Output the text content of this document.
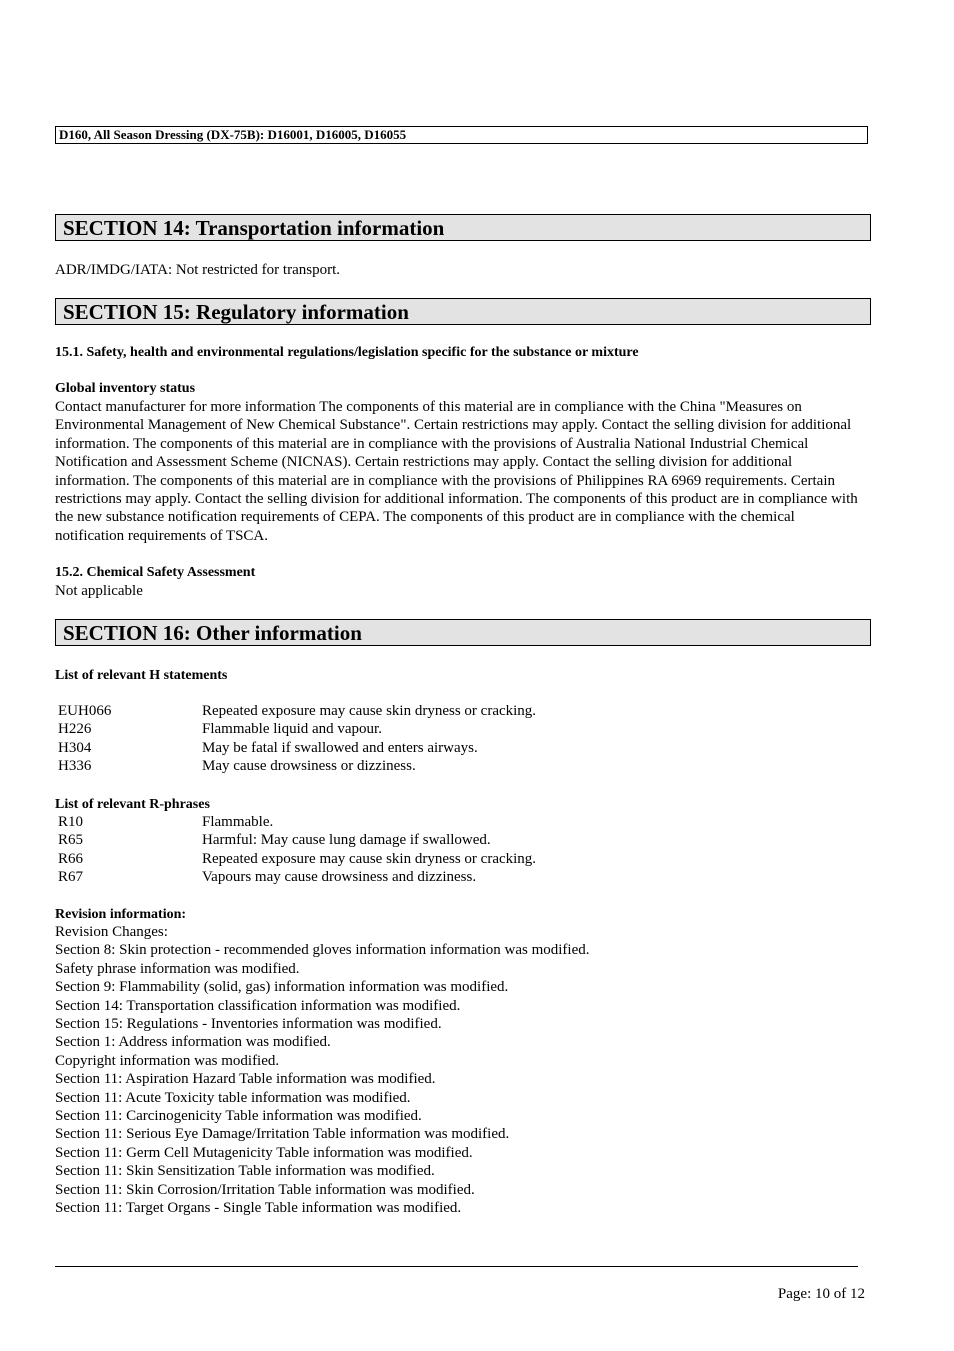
D160, All Season Dressing (DX-75B): D16001, D16005, D16055
SECTION 14: Transportation information

ADR/IMDG/IATA: Not restricted for transport.

SECTION 15: Regulatory information

15.1. Safety, health and environmental regulations/legislation specific for the substance or mixture

Global inventory status

Contact manufacturer for more information The components of this material are in compliance with the China "Measures on Environmental Management of New Chemical Substance". Certain restrictions may apply. Contact the selling division for additional information. The components of this material are in compliance with the provisions of Australia National Industrial Chemical Notification and Assessment Scheme (NICNAS). Certain restrictions may apply. Contact the selling division for additional information. The components of this material are in compliance with the provisions of Philippines RA 6969 requirements. Certain restrictions may apply. Contact the selling division for additional information. The components of this product are in compliance with the new substance notification requirements of CEPA. The components of this product are in compliance with the chemical notification requirements of TSCA.

15.2. Chemical Safety Assessment

Not applicable

SECTION 16: Other information

List of relevant H statements

EUH066	Repeated exposure may cause skin dryness or cracking.
H226	Flammable liquid and vapour.
H304	May be fatal if swallowed and enters airways.
H336	May cause drowsiness or dizziness.

List of relevant R-phrases

R10	Flammable.
R65	Harmful: May cause lung damage if swallowed.
R66	Repeated exposure may cause skin dryness or cracking.
R67	Vapours may cause drowsiness and dizziness.

Revision information:

Revision Changes:
Section 8: Skin protection - recommended gloves information information was modified.
Safety phrase information was modified.
Section 9: Flammability (solid, gas) information information was modified.
Section 14: Transportation classification information was modified.
Section 15: Regulations - Inventories information was modified.
Section 1: Address information was modified.
Copyright information was modified.
Section 11: Aspiration Hazard Table information was modified.
Section 11: Acute Toxicity table information was modified.
Section 11: Carcinogenicity Table information was modified.
Section 11: Serious Eye Damage/Irritation Table information was modified.
Section 11: Germ Cell Mutagenicity Table information was modified.
Section 11: Skin Sensitization Table information was modified.
Section 11: Skin Corrosion/Irritation Table information was modified.
Section 11: Target Organs - Single Table information was modified.
Page: 10 of 12
